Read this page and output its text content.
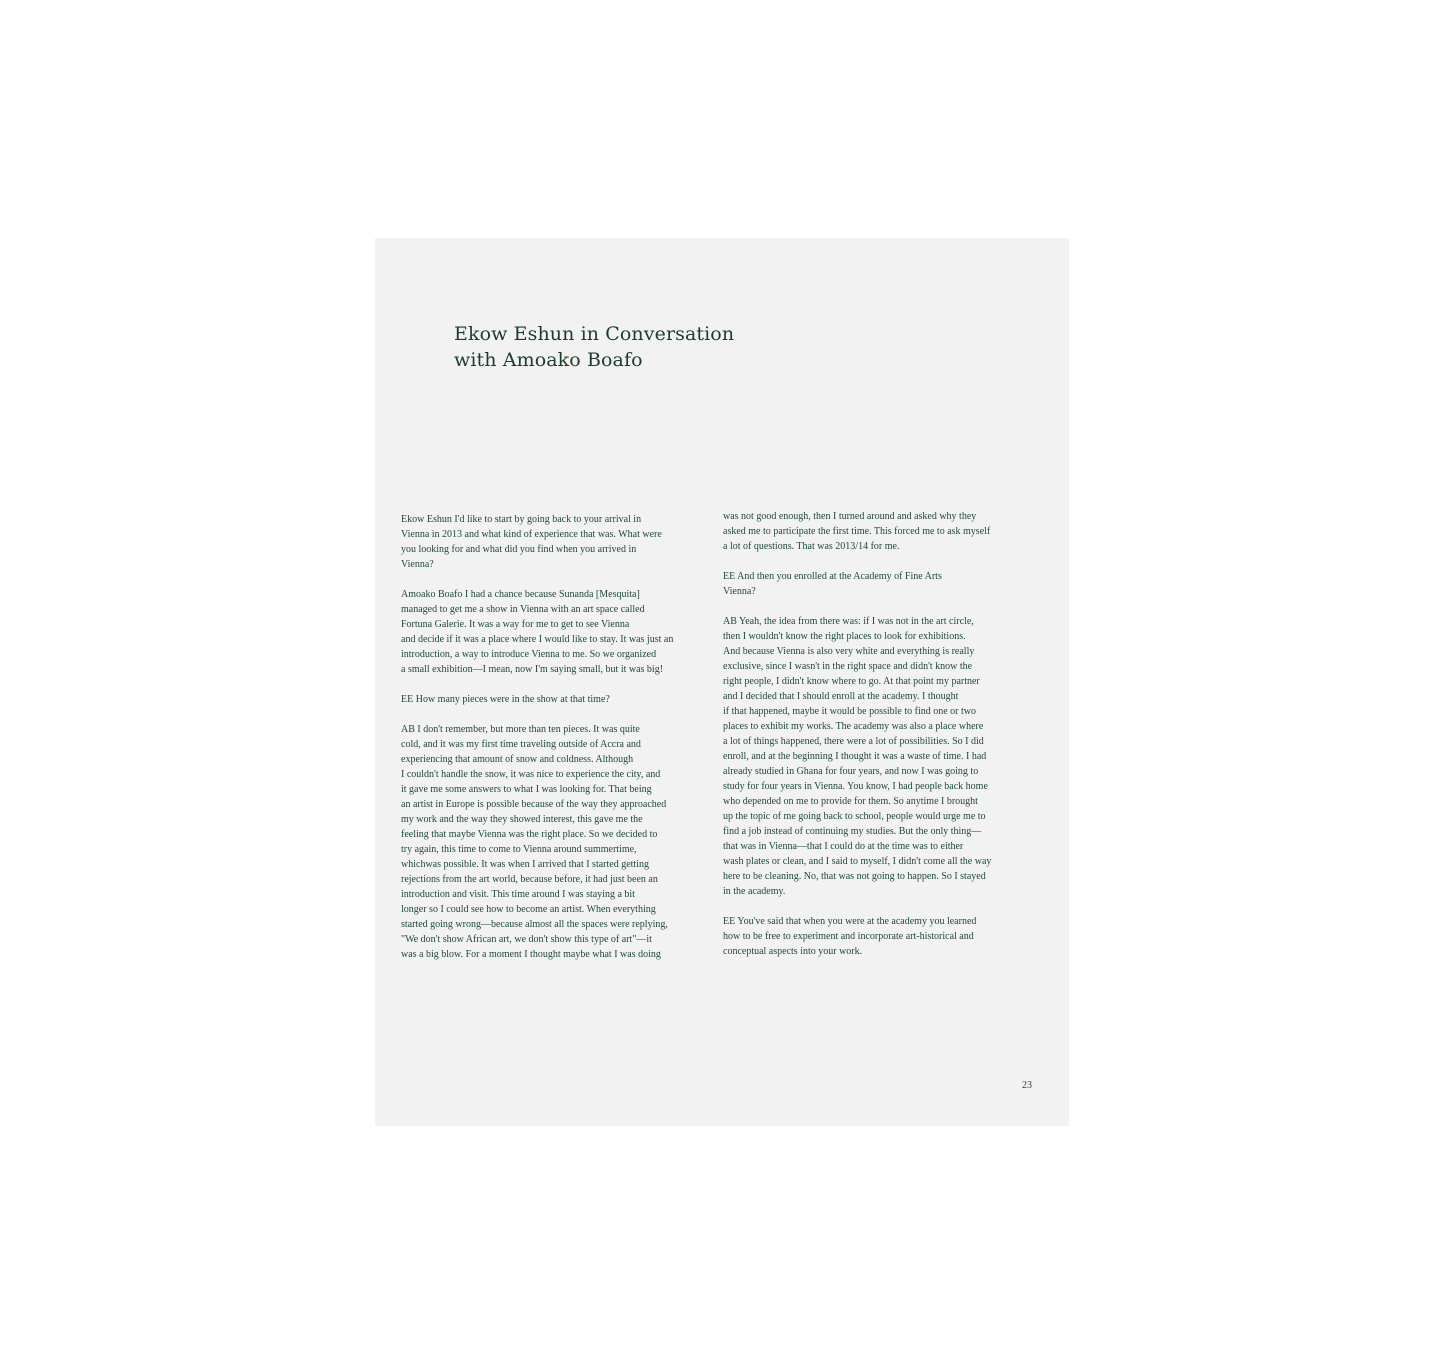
Ekow Eshun in Conversation
with Amoako Boafo

Ekow Eshun I'd like to start by going back to your arrival in
Vienna in 2013 and what kind of experience that was. What were
you looking for and what did you find when you arrived in
Vienna?

Amoako Boafo I had a chance because Sunanda [Mesquita]
managed to get me a show in Vienna with an art space called
Fortuna Galerie. It was a way for me to get to see Vienna
and decide if it was a place where I would like to stay. It was just an
introduction, a way to introduce Vienna to me. So we organized
a small exhibition—I mean, now I'm saying small, but it was big!

EE How many pieces were in the show at that time?

AB I don't remember, but more than ten pieces. It was quite
cold, and it was my first time traveling outside of Accra and
experiencing that amount of snow and coldness. Although
I couldn't handle the snow, it was nice to experience the city, and
it gave me some answers to what I was looking for. That being
an artist in Europe is possible because of the way they approached
my work and the way they showed interest, this gave me the
feeling that maybe Vienna was the right place. So we decided to
try again, this time to come to Vienna around summertime,
whichwas possible. It was when I arrived that I started getting
rejections from the art world, because before, it had just been an
introduction and visit. This time around I was staying a bit
longer so I could see how to become an artist. When everything
started going wrong—because almost all the spaces were replying,
"We don't show African art, we don't show this type of art"—it
was a big blow. For a moment I thought maybe what I was doing

was not good enough, then I turned around and asked why they
asked me to participate the first time. This forced me to ask myself
a lot of questions. That was 2013/14 for me.

EE And then you enrolled at the Academy of Fine Arts
Vienna?

AB Yeah, the idea from there was: if I was not in the art circle,
then I wouldn't know the right places to look for exhibitions.
And because Vienna is also very white and everything is really
exclusive, since I wasn't in the right space and didn't know the
right people, I didn't know where to go. At that point my partner
and I decided that I should enroll at the academy. I thought
if that happened, maybe it would be possible to find one or two
places to exhibit my works. The academy was also a place where
a lot of things happened, there were a lot of possibilities. So I did
enroll, and at the beginning I thought it was a waste of time. I had
already studied in Ghana for four years, and now I was going to
study for four years in Vienna. You know, I had people back home
who depended on me to provide for them. So anytime I brought
up the topic of me going back to school, people would urge me to
find a job instead of continuing my studies. But the only thing—
that was in Vienna—that I could do at the time was to either
wash plates or clean, and I said to myself, I didn't come all the way
here to be cleaning. No, that was not going to happen. So I stayed
in the academy.

EE You've said that when you were at the academy you learned
how to be free to experiment and incorporate art-historical and
conceptual aspects into your work.

23
